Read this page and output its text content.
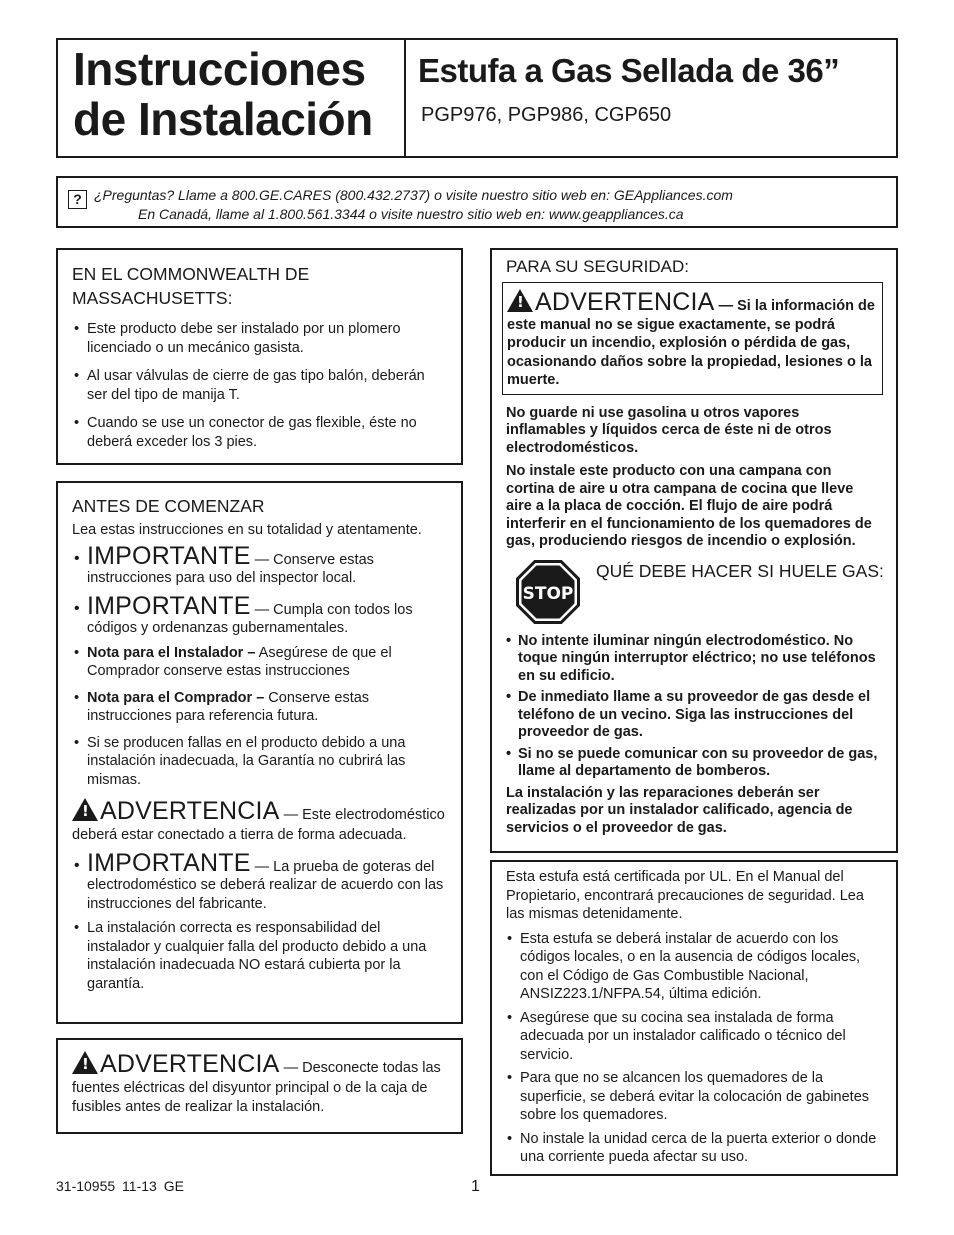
Instrucciones
de Instalación
Estufa a Gas Sellada de 36”
PGP976, PGP986, CGP650
? ¿Preguntas? Llame a 800.GE.CARES (800.432.2737) o visite nuestro sitio web en: GEAppliances.com
En Canadá, llame al 1.800.561.3344 o visite nuestro sitio web en: www.geappliances.ca
EN EL COMMONWEALTH DE MASSACHUSETTS:
• Este producto debe ser instalado por un plomero licenciado o un mecánico gasista.
• Al usar válvulas de cierre de gas tipo balón, deberán ser del tipo de manija T.
• Cuando se use un conector de gas flexible, éste no deberá exceder los 3 pies.
ANTES DE COMENZAR
Lea estas instrucciones en su totalidad y atentamente.
• IMPORTANTE — Conserve estas instrucciones para uso del inspector local.
• IMPORTANTE — Cumpla con todos los códigos y ordenanzas gubernamentales.
• Nota para el Instalador – Asegúrese de que el Comprador conserve estas instrucciones
• Nota para el Comprador – Conserve estas instrucciones para referencia futura.
• Si se producen fallas en el producto debido a una instalación inadecuada, la Garantía no cubrirá las mismas.
!ADVERTENCIA — Este electrodoméstico deberá estar conectado a tierra de forma adecuada.
• IMPORTANTE — La prueba de goteras del electrodoméstico se deberá realizar de acuerdo con las instrucciones del fabricante.
• La instalación correcta es responsabilidad del instalador y cualquier falla del producto debido a una instalación inadecuada NO estará cubierta por la garantía.
!ADVERTENCIA — Desconecte todas las fuentes eléctricas del disyuntor principal o de la caja de fusibles antes de realizar la instalación.
PARA SU SEGURIDAD:
!ADVERTENCIA — Si la información de este manual no se sigue exactamente, se podrá producir un incendio, explosión o pérdida de gas, ocasionando daños sobre la propiedad, lesiones o la muerte.

No guarde ni use gasolina u otros vapores inflamables y líquidos cerca de éste ni de otros electrodomésticos.

No instale este producto con una campana con cortina de aire u otra campana de cocina que lleve aire a la placa de cocción. El flujo de aire podrá interferir en el funcionamiento de los quemadores de gas, produciendo riesgos de incendio o explosión.

STOP
QUÉ DEBE HACER SI HUELE GAS:
• No intente iluminar ningún electrodoméstico. No toque ningún interruptor eléctrico; no use teléfonos en su edificio.
• De inmediato llame a su proveedor de gas desde el teléfono de un vecino. Siga las instrucciones del proveedor de gas.
• Si no se puede comunicar con su proveedor de gas, llame al departamento de bomberos.

La instalación y las reparaciones deberán ser realizadas por un instalador calificado, agencia de servicios o el proveedor de gas.

Esta estufa está certificada por UL. En el Manual del Propietario, encontrará precauciones de seguridad. Lea las mismas detenidamente.
• Esta estufa se deberá instalar de acuerdo con los códigos locales, o en la ausencia de códigos locales, con el Código de Gas Combustible Nacional, ANSIZ223.1/NFPA.54, última edición.
• Asegúrese que su cocina sea instalada de forma adecuada por un instalador calificado o técnico del servicio.
• Para que no se alcancen los quemadores de la superficie, se deberá evitar la colocación de gabinetes sobre los quemadores.
• No instale la unidad cerca de la puerta exterior o donde una corriente pueda afectar su uso.
31-10955 11-13 GE	1
